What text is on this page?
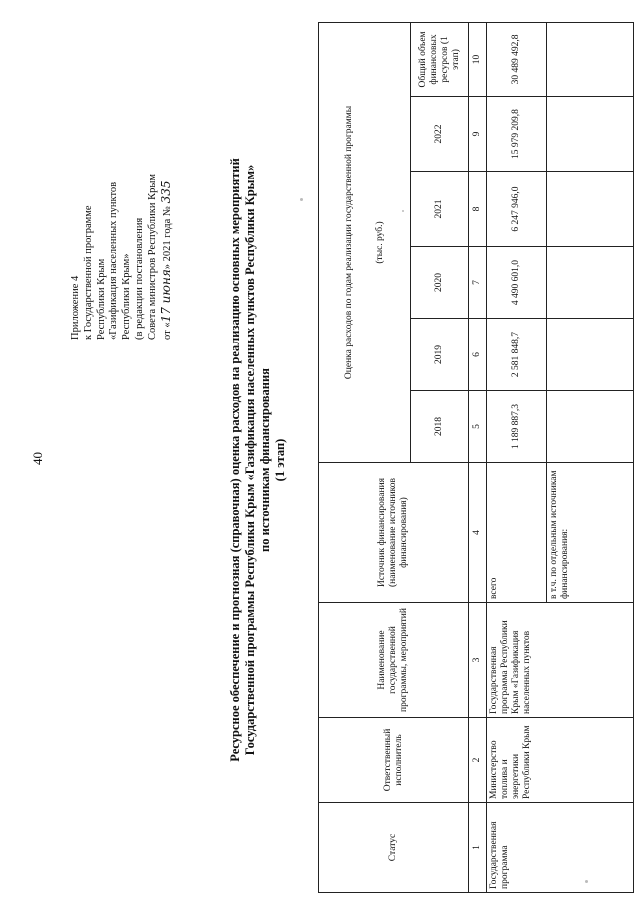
40
Приложение 4 к Государственной программе Республики Крым «Газификация населенных пунктов Республики Крым» (в редакции постановления Совета министров Республики Крым от «17 июня» 2021 года № 335	Ресурсное обеспечение и прогнозная (справочная) оценка расходов на реализацию основных мероприятий Государственной программы Республики Крым «Газификация населенных пунктов Республики Крым» по источникам финансирования (1 этап)
Статус	Ответственный исполнитель	Наименование государственной программы, мероприятий	Источник финансирования (наименование источников финансирования)	Оценка расходов по годам реализации государственной программы (тыс. руб.)					

				2018	2019	2020	2021	2022	Общий объем финансовых ресурсов (1 этап)
1	2	3	4	5	6	7	8	9	10
Государственная программа	Министерство топлива и энергетики Республики Крым	Государственная программа Республики Крым «Газификация населенных пунктов	всего	1 189 887,3	2 581 848,7	4 490 601,0	6 247 946,0	15 979 209,8	30 489 492,8
			в т.ч. по отдельным источникам финансирования:						
